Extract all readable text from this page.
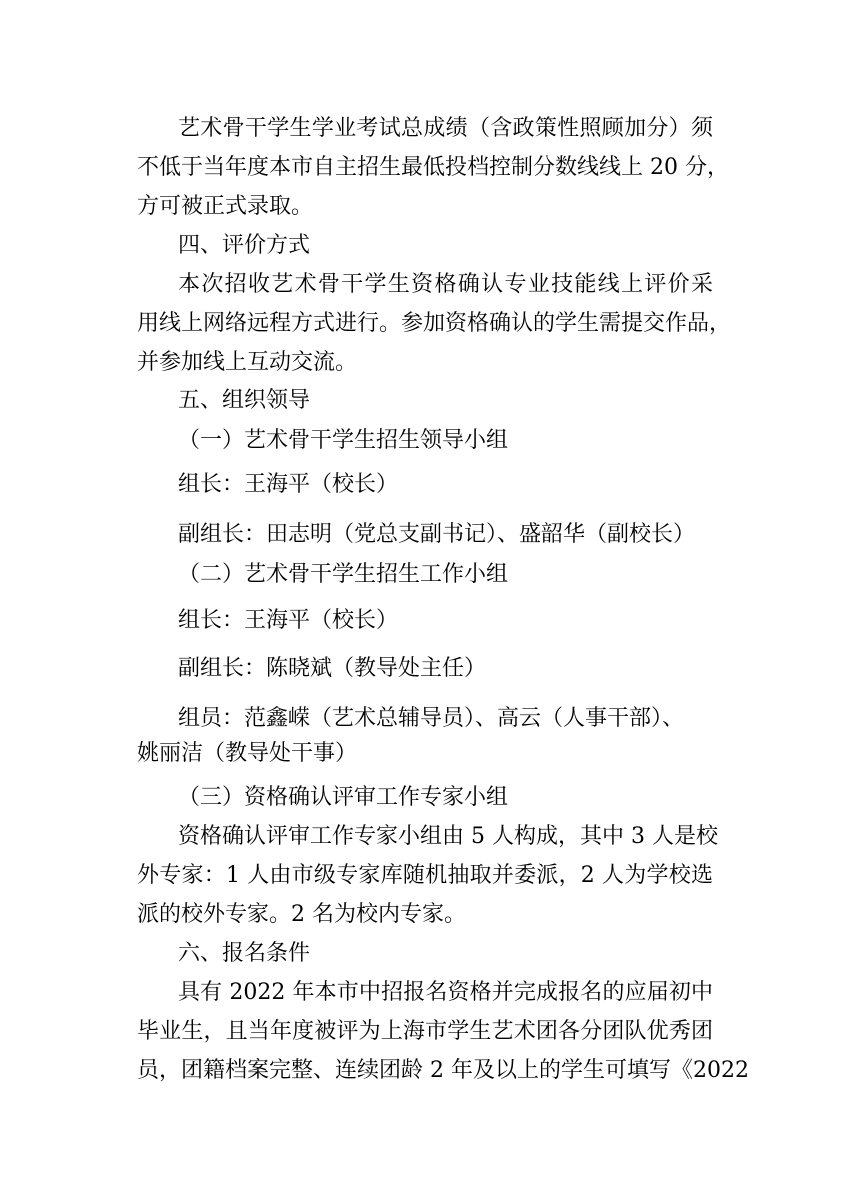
艺术骨干学生学业考试总成绩（含政策性照顾加分）须
不低于当年度本市自主招生最低投档控制分数线线上 20 分，
方可被正式录取。
四、评价方式
本次招收艺术骨干学生资格确认专业技能线上评价采
用线上网络远程方式进行。参加资格确认的学生需提交作品，
并参加线上互动交流。
五、组织领导
（一）艺术骨干学生招生领导小组
组长：王海平（校长）
副组长：田志明（党总支副书记）、盛韶华（副校长）
（二）艺术骨干学生招生工作小组
组长：王海平（校长）
副组长：陈晓斌（教导处主任）
组员：范鑫嵘（艺术总辅导员）、高云（人事干部）、
姚丽洁（教导处干事）
（三）资格确认评审工作专家小组
资格确认评审工作专家小组由 5 人构成，其中 3 人是校
外专家：1 人由市级专家库随机抽取并委派，2 人为学校选
派的校外专家。2 名为校内专家。
六、报名条件
具有 2022 年本市中招报名资格并完成报名的应届初中
毕业生，且当年度被评为上海市学生艺术团各分团队优秀团
员，团籍档案完整、连续团龄 2 年及以上的学生可填写《2022
